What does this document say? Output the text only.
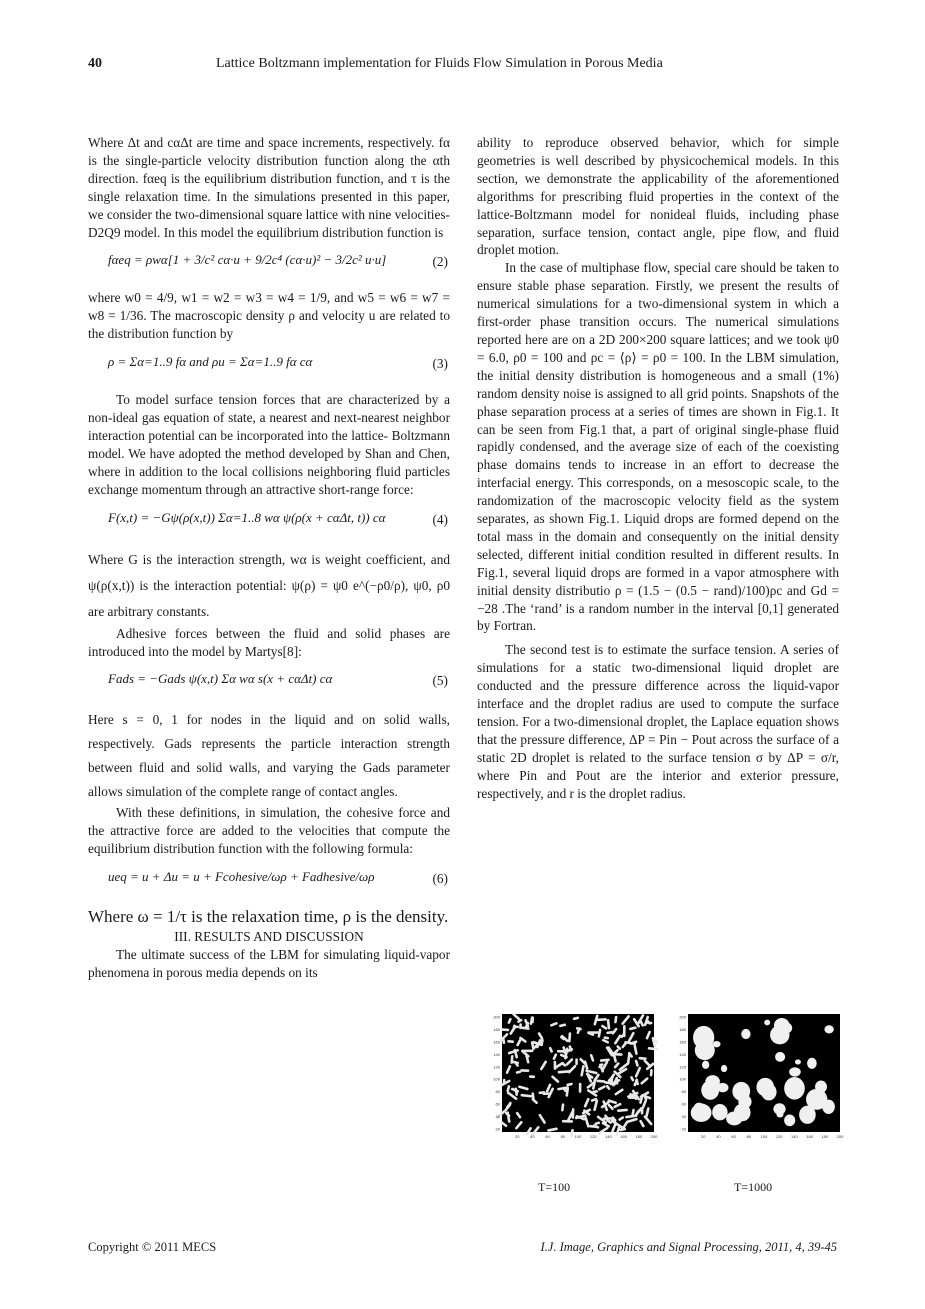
40	Lattice Boltzmann implementation for Fluids Flow Simulation in Porous Media

Where Δt and cαΔt are time and space increments, respectively. fα is the single-particle velocity distribution function along the αth direction. fαeq is the equilibrium distribution function, and τ is the single relaxation time. In the simulations presented in this paper, we consider the two-dimensional square lattice with nine velocities-D2Q9 model. In this model the equilibrium distribution function is

fαeq = ρwα[1 + 3/c² cα·u + 9/2c⁴ (cα·u)² − 3/2c² u·u]	(2)

where w0 = 4/9, w1 = w2 = w3 = w4 = 1/9, and w5 = w6 = w7 = w8 = 1/36. The macroscopic density ρ and velocity u are related to the distribution function by

ρ = Σα=1..9 fα and ρu = Σα=1..9 fα cα	(3)

To model surface tension forces that are characterized by a non-ideal gas equation of state, a nearest and next-nearest neighbor interaction potential can be incorporated into the lattice- Boltzmann model. We have adopted the method developed by Shan and Chen, where in addition to the local collisions neighboring fluid particles exchange momentum through an attractive short-range force:

F(x,t) = −Gψ(ρ(x,t)) Σα=1..8 wα ψ(ρ(x + cαΔt, t)) cα	(4)

Where G is the interaction strength, wα is weight coefficient, and ψ(ρ(x,t)) is the interaction potential: ψ(ρ) = ψ0 e^(−ρ0/ρ), ψ0, ρ0 are arbitrary constants.

Adhesive forces between the fluid and solid phases are introduced into the model by Martys[8]:

Fads = −Gads ψ(x,t) Σα wα s(x + cαΔt) cα	(5)

Here s = 0, 1 for nodes in the liquid and on solid walls, respectively. Gads represents the particle interaction strength between fluid and solid walls, and varying the Gads parameter allows simulation of the complete range of contact angles.

With these definitions, in simulation, the cohesive force and the attractive force are added to the velocities that compute the equilibrium distribution function with the following formula:

ueq = u + Δu = u + Fcohesive/ωρ + Fadhesive/ωρ	(6)

Where ω = 1/τ is the relaxation time, ρ is the density.

III. RESULTS AND DISCUSSION

The ultimate success of the LBM for simulating liquid-vapor phenomena in porous media depends on its

ability to reproduce observed behavior, which for simple geometries is well described by physicochemical models. In this section, we demonstrate the applicability of the aforementioned algorithms for prescribing fluid properties in the context of the lattice-Boltzmann model for nonideal fluids, including phase separation, surface tension, contact angle, pipe flow, and fluid droplet motion.

In the case of multiphase flow, special care should be taken to ensure stable phase separation. Firstly, we present the results of numerical simulations for a two-dimensional system in which a first-order phase transition occurs. The numerical simulations reported here are on a 2D 200×200 square lattices; and we took ψ0 = 6.0, ρ0 = 100 and ρc = ⟨ρ⟩ = ρ0 = 100. In the LBM simulation, the initial density distribution is homogeneous and a small (1%) random density noise is assigned to all grid points. Snapshots of the phase separation process at a series of times are shown in Fig.1. It can be seen from Fig.1 that, a part of original single-phase fluid rapidly condensed, and the average size of each of the coexisting phase domains tends to increase in an effort to decrease the interfacial energy. This corresponds, on a mesoscopic scale, to the randomization of the macroscopic velocity field as the system separates, as shown Fig.1. Liquid drops are formed depend on the total mass in the domain and consequently on the initial density selected, different initial condition resulted in different results. In Fig.1, several liquid drops are formed in a vapor atmosphere with initial density distributio ρ = (1.5 − (0.5 − rand)/100)ρc and Gd = −28 .The ‘rand’ is a random number in the interval [0,1] generated by Fortran.

The second test is to estimate the surface tension. A series of simulations for a static two-dimensional liquid droplet are conducted and the pressure difference across the liquid-vapor interface and the droplet radius are used to compute the surface tension. For a two-dimensional droplet, the Laplace equation shows that the pressure difference, ΔP = Pin − Pout across the surface of a static 2D droplet is related to the surface tension σ by ΔP = σ/r, where Pin and Pout are the interior and exterior pressure, respectively, and r is the droplet radius.

200
180
160
140
120
100
80
60
40
20
20	40	60	80 100 120 140 160 180 200
200
180
160
140
120
100
80
60
40
20
20	40	60	80 100 120 140 160 180 200
T=100	T=1000
Copyright © 2011 MECS	I.J. Image, Graphics and Signal Processing, 2011, 4, 39-45
